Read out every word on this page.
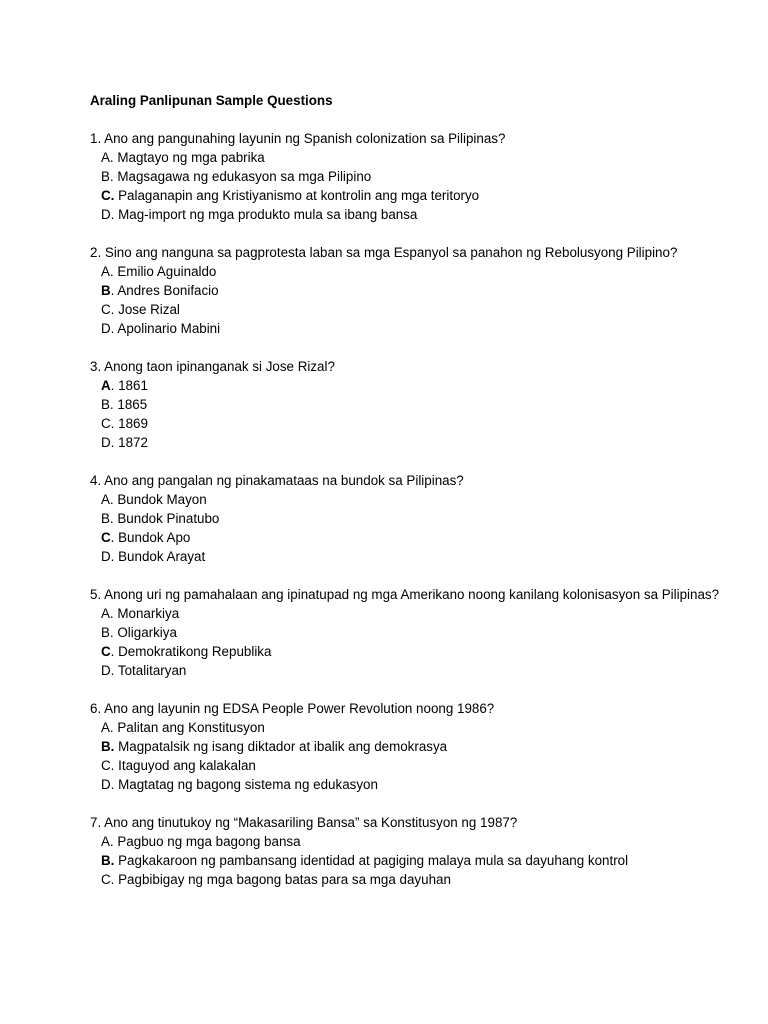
Araling Panlipunan Sample Questions

1. Ano ang pangunahing layunin ng Spanish colonization sa Pilipinas?

A. Magtayo ng mga pabrika
B. Magsagawa ng edukasyon sa mga Pilipino
C. Palaganapin ang Kristiyanismo at kontrolin ang mga teritoryo
D. Mag-import ng mga produkto mula sa ibang bansa

2. Sino ang nanguna sa pagprotesta laban sa mga Espanyol sa panahon ng Rebolusyong Pilipino?

A. Emilio Aguinaldo
B. Andres Bonifacio
C. Jose Rizal
D. Apolinario Mabini

3. Anong taon ipinanganak si Jose Rizal?

A. 1861
B. 1865
C. 1869
D. 1872

4. Ano ang pangalan ng pinakamataas na bundok sa Pilipinas?

A. Bundok Mayon
B. Bundok Pinatubo
C. Bundok Apo
D. Bundok Arayat

5. Anong uri ng pamahalaan ang ipinatupad ng mga Amerikano noong kanilang kolonisasyon sa Pilipinas?

A. Monarkiya
B. Oligarkiya
C. Demokratikong Republika
D. Totalitaryan

6. Ano ang layunin ng EDSA People Power Revolution noong 1986?

A. Palitan ang Konstitusyon
B. Magpatalsik ng isang diktador at ibalik ang demokrasya
C. Itaguyod ang kalakalan
D. Magtatag ng bagong sistema ng edukasyon

7. Ano ang tinutukoy ng “Makasariling Bansa” sa Konstitusyon ng 1987?

A. Pagbuo ng mga bagong bansa
B. Pagkakaroon ng pambansang identidad at pagiging malaya mula sa dayuhang kontrol
C. Pagbibigay ng mga bagong batas para sa mga dayuhan
